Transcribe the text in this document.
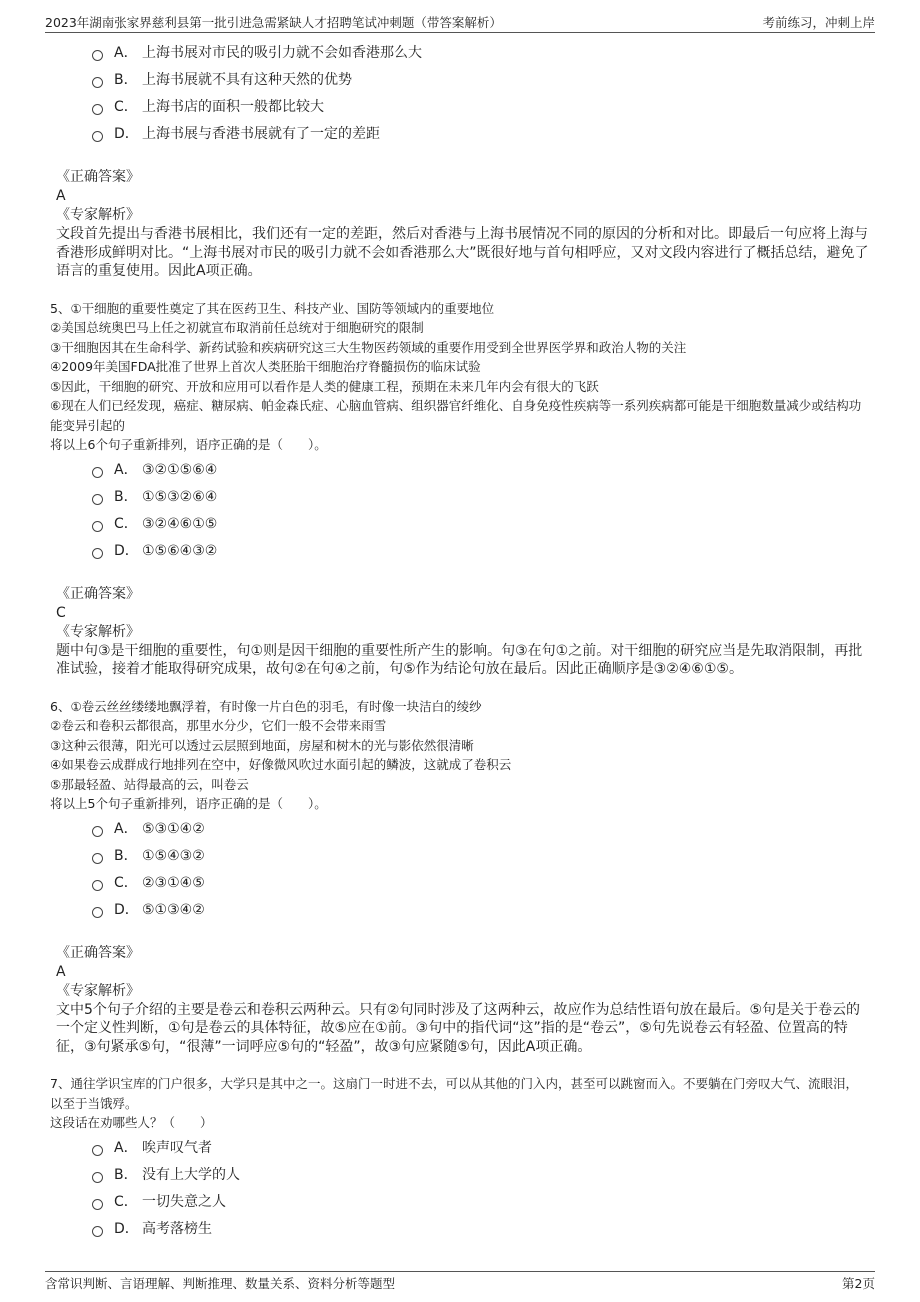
2023年湖南张家界慈利县第一批引进急需紧缺人才招聘笔试冲刺题（带答案解析）	考前练习，冲刺上岸
A． 上海书展对市民的吸引力就不会如香港那么大
B． 上海书展就不具有这种天然的优势
C． 上海书店的面积一般都比较大
D． 上海书展与香港书展就有了一定的差距
《正确答案》
A
《专家解析》
文段首先提出与香港书展相比，我们还有一定的差距，然后对香港与上海书展情况不同的原因的分析和对比。即最后一句应将上海与香港形成鲜明对比。“上海书展对市民的吸引力就不会如香港那么大”既很好地与首句相呼应，又对文段内容进行了概括总结，避免了语言的重复使用。因此A项正确。
5、①干细胞的重要性奠定了其在医药卫生、科技产业、国防等领域内的重要地位
②美国总统奥巴马上任之初就宣布取消前任总统对于细胞研究的限制
③干细胞因其在生命科学、新药试验和疾病研究这三大生物医药领域的重要作用受到全世界医学界和政治人物的关注
④2009年美国FDA批准了世界上首次人类胚胎干细胞治疗脊髓损伤的临床试验
⑤因此，干细胞的研究、开放和应用可以看作是人类的健康工程，预期在未来几年内会有很大的飞跃
⑥现在人们已经发现，癌症、糖尿病、帕金森氏症、心脑血管病、组织器官纤维化、自身免疫性疾病等一系列疾病都可能是干细胞数量减少或结构功能变异引起的
将以上6个句子重新排列，语序正确的是（　　）。
A． ③②①⑤⑥④
B． ①⑤③②⑥④
C． ③②④⑥①⑤
D． ①⑤⑥④③②
《正确答案》
C
《专家解析》
题中句③是干细胞的重要性，句①则是因干细胞的重要性所产生的影响。句③在句①之前。对干细胞的研究应当是先取消限制，再批准试验，接着才能取得研究成果，故句②在句④之前，句⑤作为结论句放在最后。因此正确顺序是③②④⑥①⑤。
6、①卷云丝丝缕缕地飘浮着，有时像一片白色的羽毛，有时像一块洁白的绫纱
②卷云和卷积云都很高，那里水分少，它们一般不会带来雨雪
③这种云很薄，阳光可以透过云层照到地面，房屋和树木的光与影依然很清晰
④如果卷云成群成行地排列在空中，好像微风吹过水面引起的鳞波，这就成了卷积云
⑤那最轻盈、站得最高的云，叫卷云
将以上5个句子重新排列，语序正确的是（　　）。
A． ⑤③①④②
B． ①⑤④③②
C． ②③①④⑤
D． ⑤①③④②
《正确答案》
A
《专家解析》
文中5个句子介绍的主要是卷云和卷积云两种云。只有②句同时涉及了这两种云，故应作为总结性语句放在最后。⑤句是关于卷云的一个定义性判断，①句是卷云的具体特征，故⑤应在①前。③句中的指代词“这”指的是“卷云”，⑤句先说卷云有轻盈、位置高的特征，③句紧承⑤句，“很薄”一词呼应⑤句的“轻盈”，故③句应紧随⑤句，因此A项正确。
7、通往学识宝库的门户很多，大学只是其中之一。这扇门一时进不去，可以从其他的门入内，甚至可以跳窗而入。不要躺在门旁叹大气、流眼泪，以至于当饿殍。
这段话在劝哪些人？（　　）
A． 唉声叹气者
B． 没有上大学的人
C． 一切失意之人
D． 高考落榜生
含常识判断、言语理解、判断推理、数量关系、资料分析等题型	第2页
